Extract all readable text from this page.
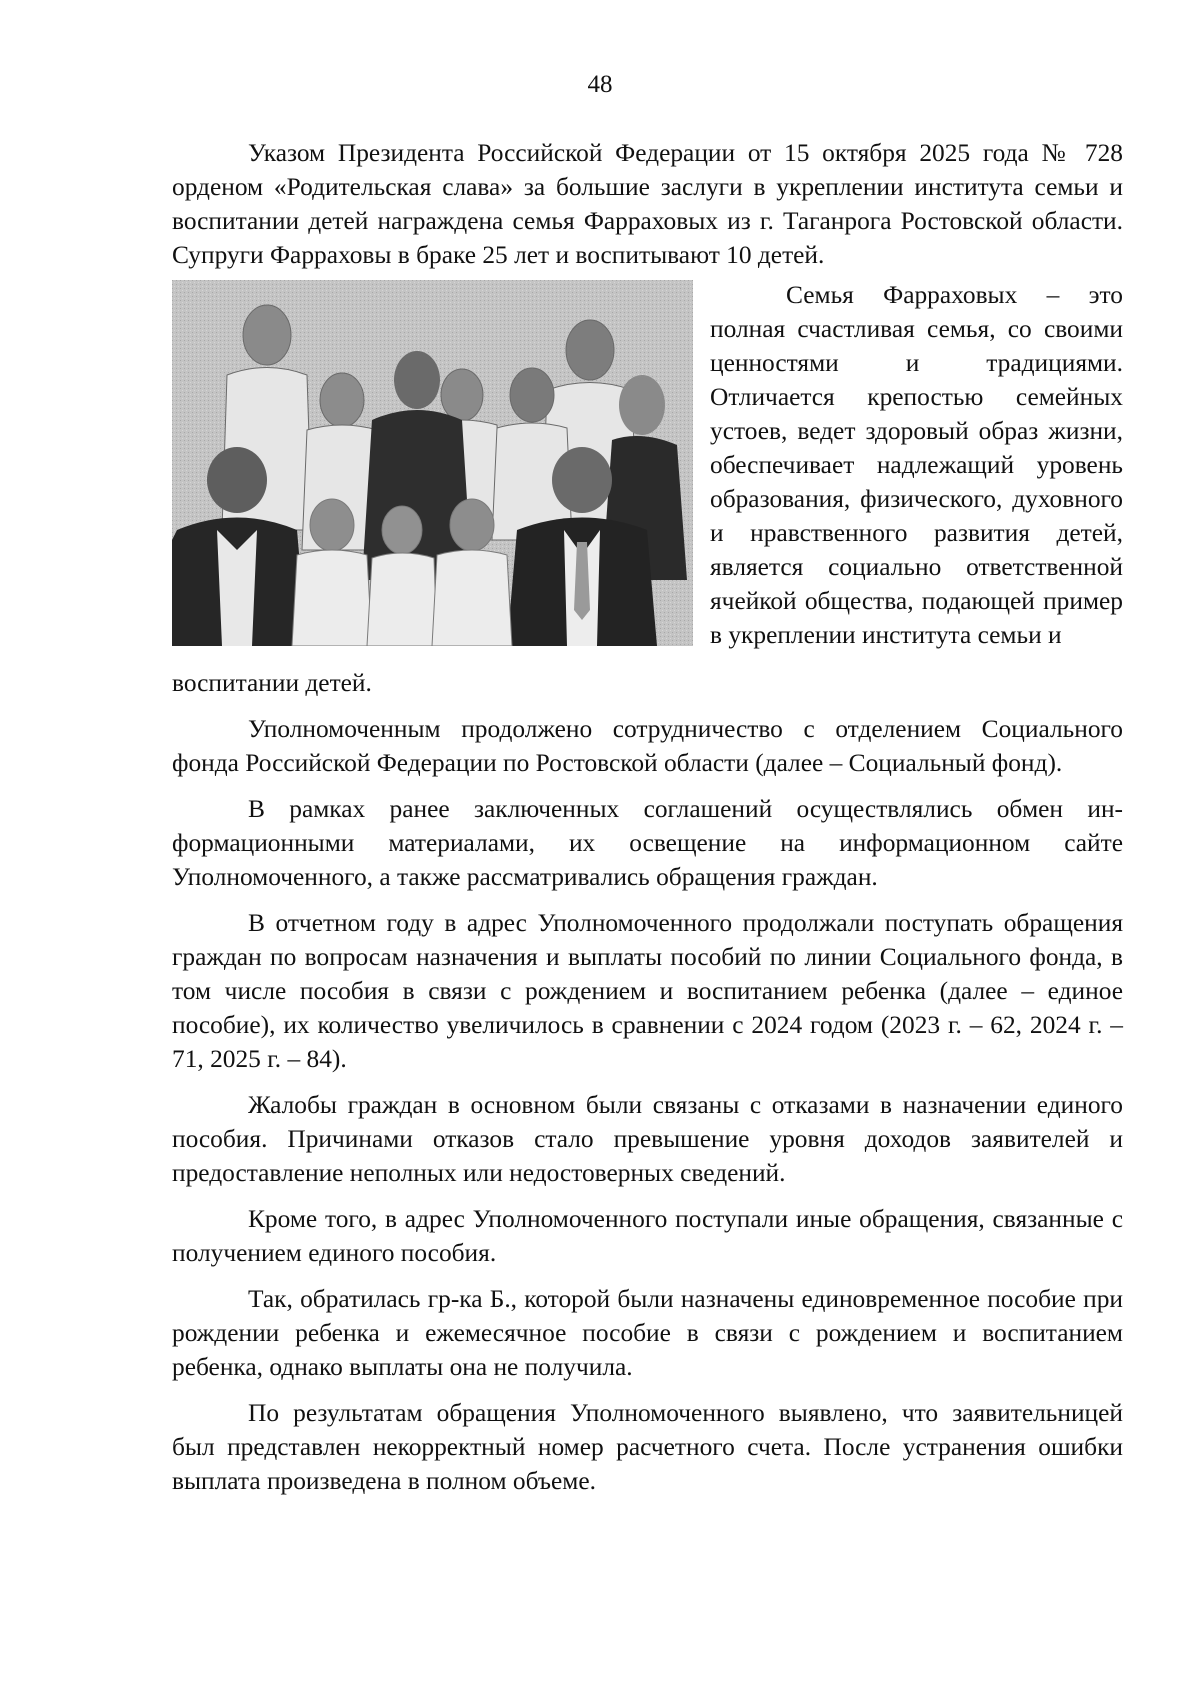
48

Указом Президента Российской Федерации от 15 октября 2025 года № 728 орденом «Родительская слава» за большие заслуги в укреплении института семьи и воспитании детей награждена семья Фарраховых из г. Таганрога Ростовской области. Супруги Фарраховы в браке 25 лет и воспитывают 10 детей.

Семья Фарраховых – это полная счастливая семья, со своими ценностями и традициями. Отличается крепостью семейных устоев, ведет здоровый образ жизни, обеспечивает надлежащий уровень образования, физического, духовного и нравственного развития детей, является социально ответственной ячейкой общества, подающей пример в укреплении института семьи и

воспитании детей.

Уполномоченным продолжено сотрудничество с отделением Социального фонда Российской Федерации по Ростовской области (далее – Социальный фонд).

В рамках ранее заключенных соглашений осуществлялись обмен информационными материалами, их освещение на информационном сайте Уполномоченного, а также рассматривались обращения граждан.

В отчетном году в адрес Уполномоченного продолжали поступать обращения граждан по вопросам назначения и выплаты пособий по линии Социального фонда, в том числе пособия в связи с рождением и воспитанием ребенка (далее – единое пособие), их количество увеличилось в сравнении с 2024 годом (2023 г. – 62, 2024 г. – 71, 2025 г. – 84).

Жалобы граждан в основном были связаны с отказами в назначении единого пособия. Причинами отказов стало превышение уровня доходов заявителей и предоставление неполных или недостоверных сведений.

Кроме того, в адрес Уполномоченного поступали иные обращения, связанные с получением единого пособия.

Так, обратилась гр-ка Б., которой были назначены единовременное пособие при рождении ребенка и ежемесячное пособие в связи с рождением и воспитанием ребенка, однако выплаты она не получила.

По результатам обращения Уполномоченного выявлено, что заявительницей был представлен некорректный номер расчетного счета. После устранения ошибки выплата произведена в полном объеме.
